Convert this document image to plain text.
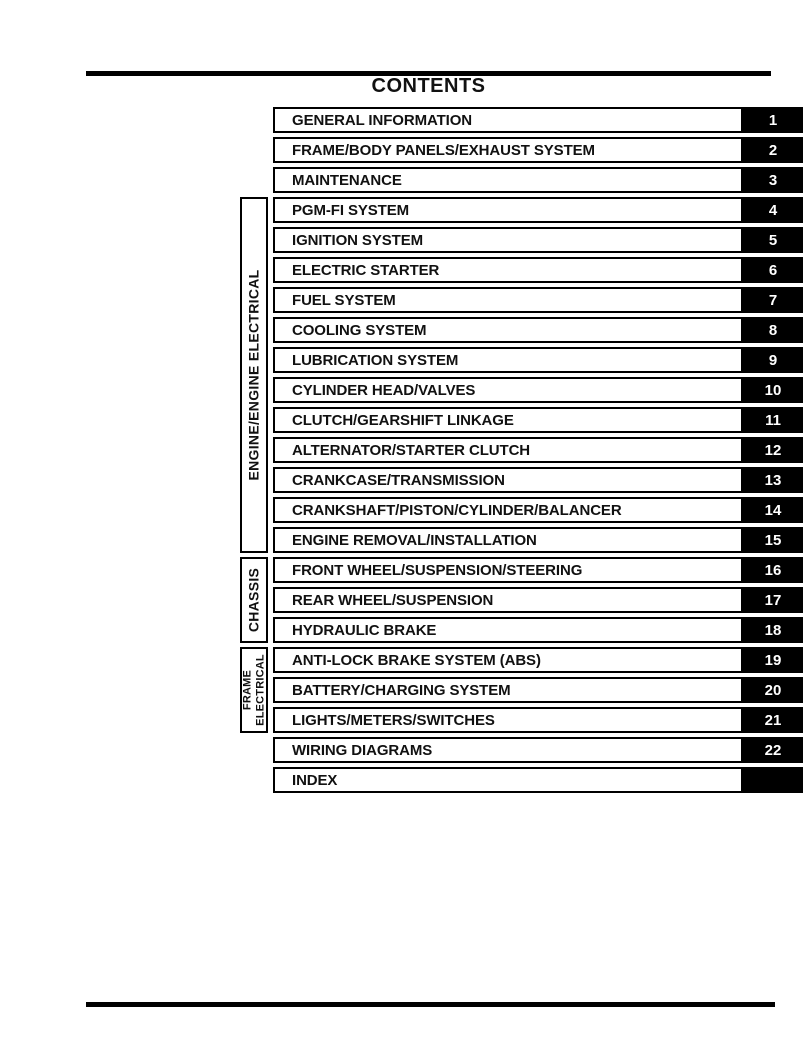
CONTENTS
ENGINE/ENGINE ELECTRICAL
CHASSIS
FRAME
ELECTRICAL
GENERAL INFORMATION	1
FRAME/BODY PANELS/EXHAUST SYSTEM	2
MAINTENANCE	3
PGM-FI SYSTEM	4
IGNITION SYSTEM	5
ELECTRIC STARTER	6
FUEL SYSTEM	7
COOLING SYSTEM	8
LUBRICATION SYSTEM	9
CYLINDER HEAD/VALVES	10
CLUTCH/GEARSHIFT LINKAGE	11
ALTERNATOR/STARTER CLUTCH	12
CRANKCASE/TRANSMISSION	13
CRANKSHAFT/PISTON/CYLINDER/BALANCER	14
ENGINE REMOVAL/INSTALLATION	15
FRONT WHEEL/SUSPENSION/STEERING	16
REAR WHEEL/SUSPENSION	17
HYDRAULIC BRAKE	18
ANTI-LOCK BRAKE SYSTEM (ABS)	19
BATTERY/CHARGING SYSTEM	20
LIGHTS/METERS/SWITCHES	21
WIRING DIAGRAMS	22
INDEX
